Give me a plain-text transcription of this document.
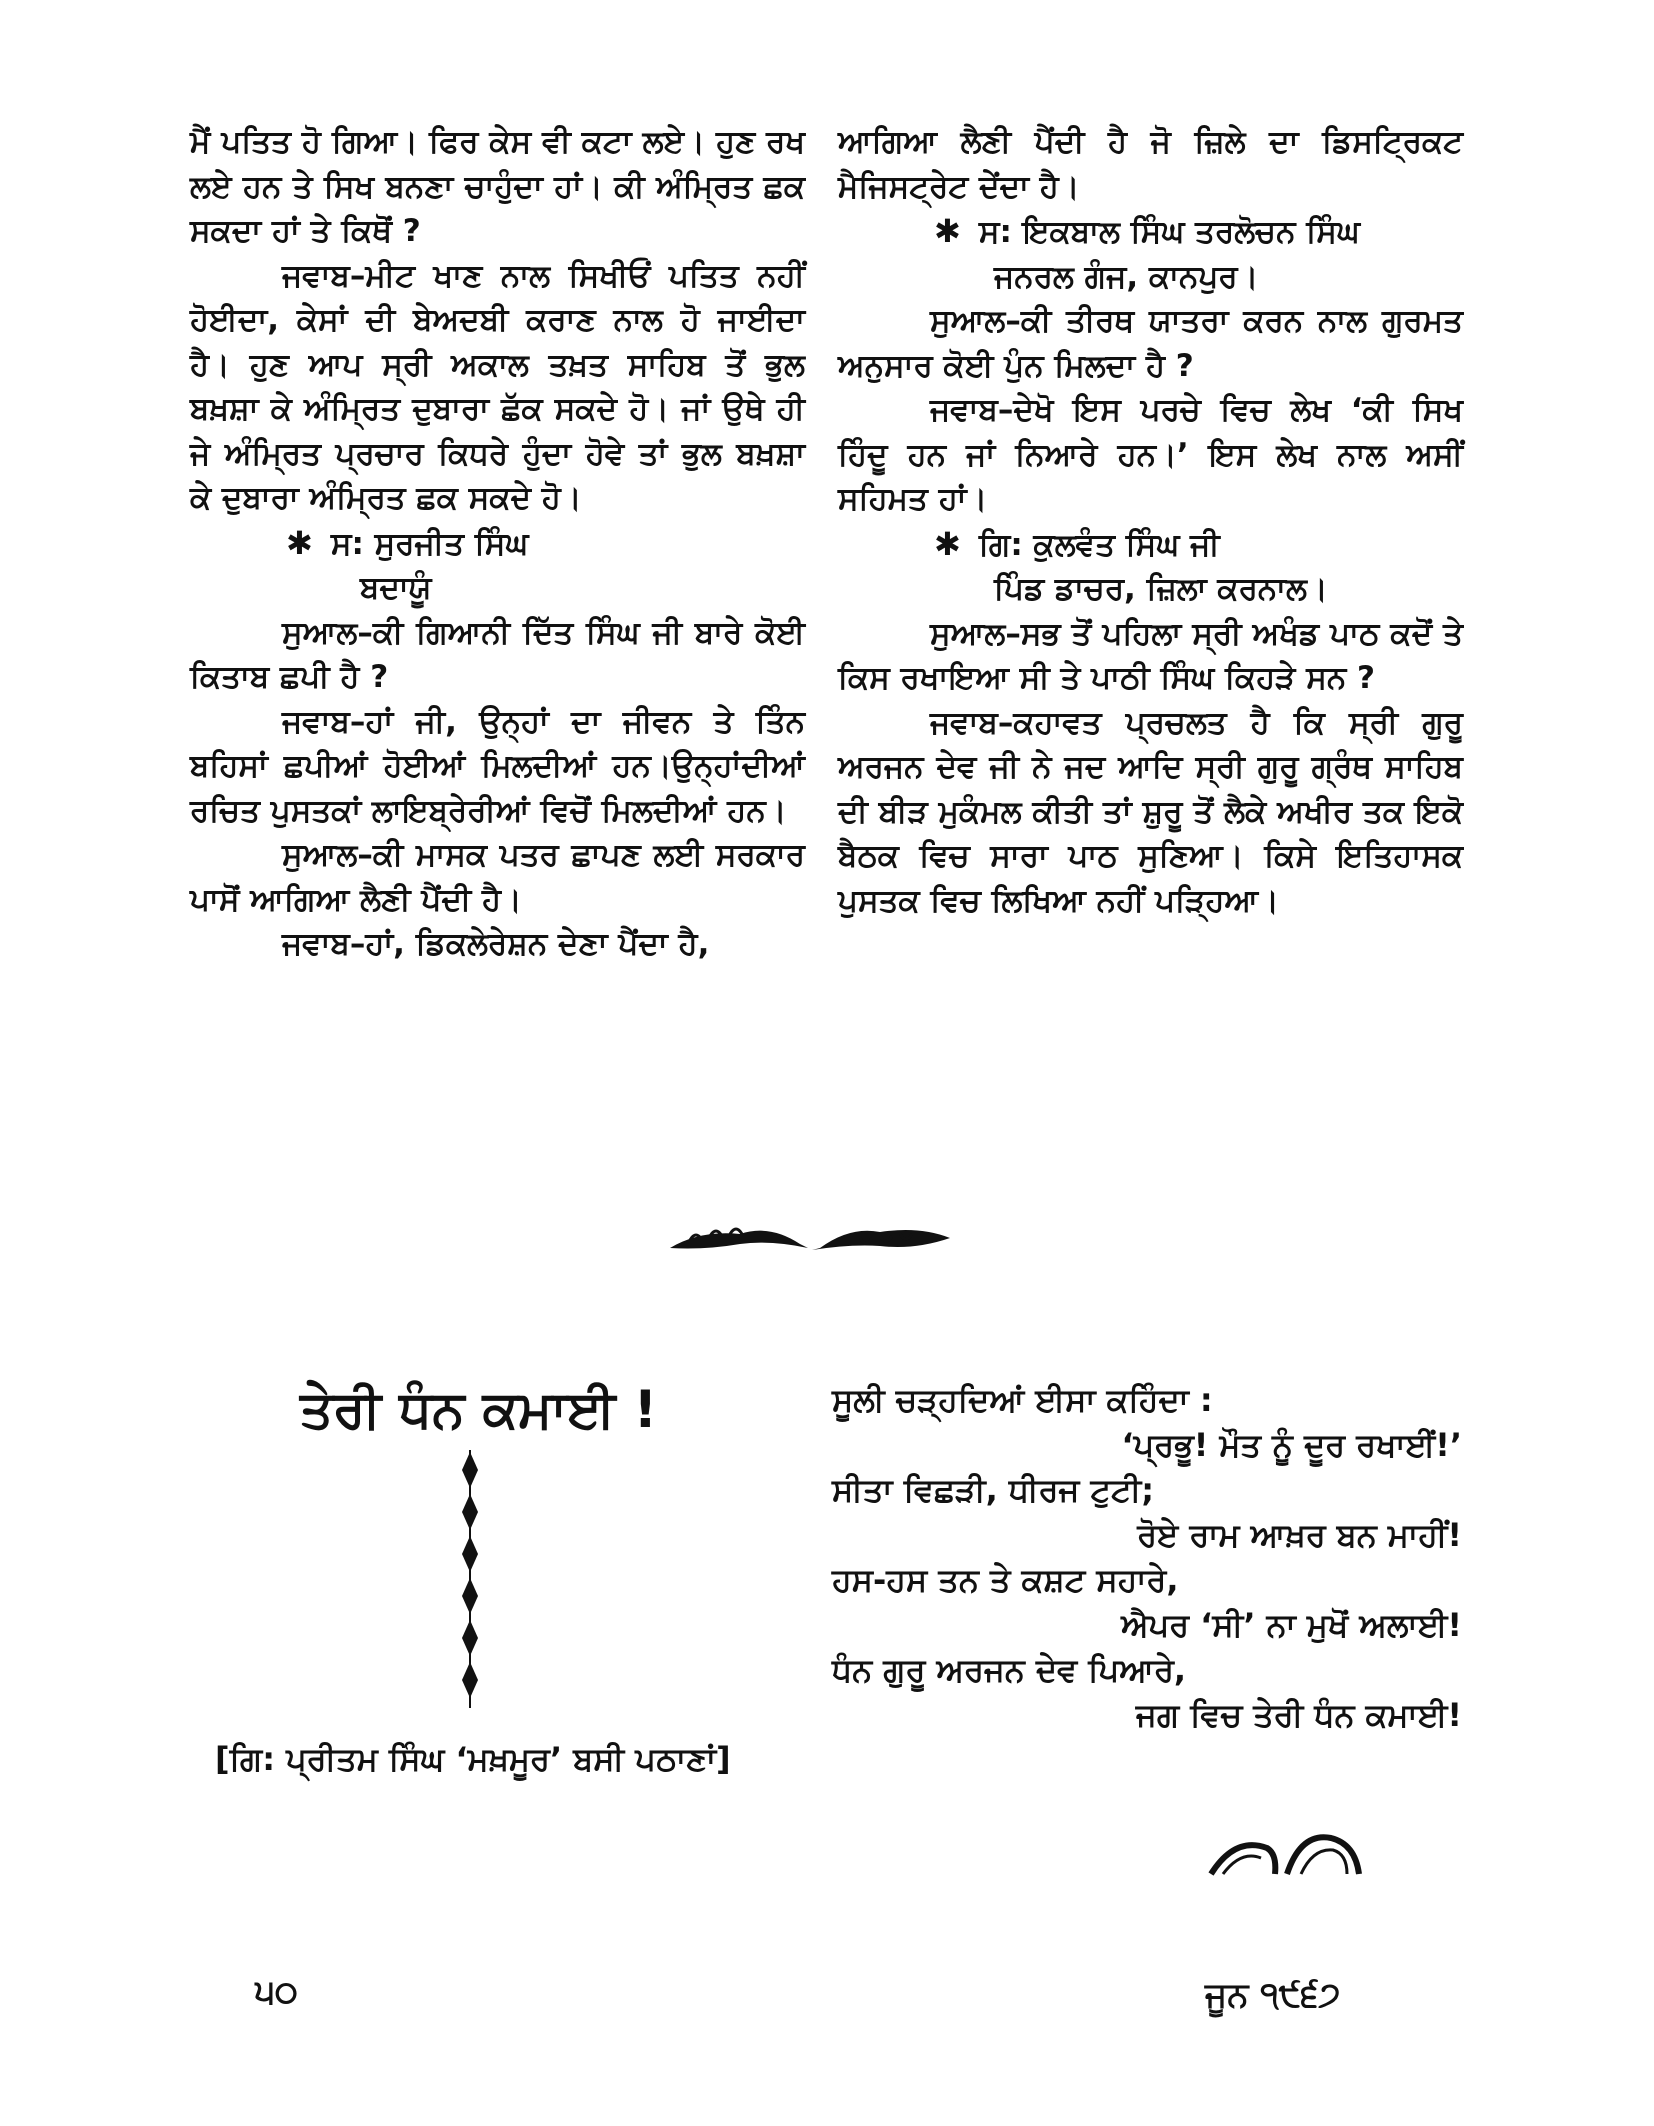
ਮੈਂ ਪਤਿਤ ਹੋ ਗਿਆ। ਫਿਰ ਕੇਸ ਵੀ ਕਟਾ ਲਏ। ਹੁਣ ਰਖ ਲਏ ਹਨ ਤੇ ਸਿਖ ਬਨਣਾ ਚਾਹੁੰਦਾ ਹਾਂ। ਕੀ ਅੰਮ੍ਰਿਤ ਛਕ ਸਕਦਾ ਹਾਂ ਤੇ ਕਿਥੋਂ ?

ਜਵਾਬ–ਮੀਟ ਖਾਣ ਨਾਲ ਸਿਖੀਓਂ ਪਤਿਤ ਨਹੀਂ ਹੋਈਦਾ, ਕੇਸਾਂ ਦੀ ਬੇਅਦਬੀ ਕਰਾਣ ਨਾਲ ਹੋ ਜਾਈਦਾ ਹੈ। ਹੁਣ ਆਪ ਸ੍ਰੀ ਅਕਾਲ ਤਖ਼ਤ ਸਾਹਿਬ ਤੋਂ ਭੁਲ ਬਖ਼ਸ਼ਾ ਕੇ ਅੰਮ੍ਰਿਤ ਦੁਬਾਰਾ ਛੱਕ ਸਕਦੇ ਹੋ। ਜਾਂ ਉਥੇ ਹੀ ਜੇ ਅੰਮ੍ਰਿਤ ਪ੍ਰਚਾਰ ਕਿਧਰੇ ਹੁੰਦਾ ਹੋਵੇ ਤਾਂ ਭੁਲ ਬਖ਼ਸ਼ਾ ਕੇ ਦੁਬਾਰਾ ਅੰਮ੍ਰਿਤ ਛਕ ਸਕਦੇ ਹੋ।

✱ ਸ: ਸੁਰਜੀਤ ਸਿੰਘ
ਬਦਾਯੂੰ

ਸੁਆਲ–ਕੀ ਗਿਆਨੀ ਦਿੱਤ ਸਿੰਘ ਜੀ ਬਾਰੇ ਕੋਈ ਕਿਤਾਬ ਛਪੀ ਹੈ ?

ਜਵਾਬ–ਹਾਂ ਜੀ, ਉਨ੍ਹਾਂ ਦਾ ਜੀਵਨ ਤੇ ਤਿੰਨ ਬਹਿਸਾਂ ਛਪੀਆਂ ਹੋਈਆਂ ਮਿਲਦੀਆਂ ਹਨ।ਉਨ੍ਹਾਂਦੀਆਂ ਰਚਿਤ ਪੁਸਤਕਾਂ ਲਾਇਬ੍ਰੇਰੀਆਂ ਵਿਚੋਂ ਮਿਲਦੀਆਂ ਹਨ।

ਸੁਆਲ–ਕੀ ਮਾਸਕ ਪਤਰ ਛਾਪਣ ਲਈ ਸਰਕਾਰ ਪਾਸੋਂ ਆਗਿਆ ਲੈਣੀ ਪੈਂਦੀ ਹੈ।

ਜਵਾਬ–ਹਾਂ, ਡਿਕਲੇਰੇਸ਼ਨ ਦੇਣਾ ਪੈਂਦਾ ਹੈ,

ਆਗਿਆ ਲੈਣੀ ਪੈਂਦੀ ਹੈ ਜੋ ਜ਼ਿਲੇ ਦਾ ਡਿਸਟ੍ਰਿਕਟ ਮੈਜਿਸਟ੍ਰੇਟ ਦੇਂਦਾ ਹੈ।

✱ ਸ: ਇਕਬਾਲ ਸਿੰਘ ਤਰਲੋਚਨ ਸਿੰਘ
ਜਨਰਲ ਗੰਜ, ਕਾਨਪੁਰ।

ਸੁਆਲ–ਕੀ ਤੀਰਥ ਯਾਤਰਾ ਕਰਨ ਨਾਲ ਗੁਰਮਤ ਅਨੁਸਾਰ ਕੋਈ ਪੁੰਨ ਮਿਲਦਾ ਹੈ ?

ਜਵਾਬ–ਦੇਖੋ ਇਸ ਪਰਚੇ ਵਿਚ ਲੇਖ ‘ਕੀ ਸਿਖ ਹਿੰਦੂ ਹਨ ਜਾਂ ਨਿਆਰੇ ਹਨ।’ ਇਸ ਲੇਖ ਨਾਲ ਅਸੀਂ ਸਹਿਮਤ ਹਾਂ।

✱ ਗਿ: ਕੁਲਵੰਤ ਸਿੰਘ ਜੀ
ਪਿੰਡ ਡਾਚਰ, ਜ਼ਿਲਾ ਕਰਨਾਲ।

ਸੁਆਲ–ਸਭ ਤੋਂ ਪਹਿਲਾ ਸ੍ਰੀ ਅਖੰਡ ਪਾਠ ਕਦੋਂ ਤੇ ਕਿਸ ਰਖਾਇਆ ਸੀ ਤੇ ਪਾਠੀ ਸਿੰਘ ਕਿਹੜੇ ਸਨ ?

ਜਵਾਬ–ਕਹਾਵਤ ਪ੍ਰਚਲਤ ਹੈ ਕਿ ਸ੍ਰੀ ਗੁਰੂ ਅਰਜਨ ਦੇਵ ਜੀ ਨੇ ਜਦ ਆਦਿ ਸ੍ਰੀ ਗੁਰੂ ਗ੍ਰੰਥ ਸਾਹਿਬ ਦੀ ਬੀੜ ਮੁਕੰਮਲ ਕੀਤੀ ਤਾਂ ਸ਼ੁਰੂ ਤੋਂ ਲੈਕੇ ਅਖੀਰ ਤਕ ਇਕੋ ਬੈਠਕ ਵਿਚ ਸਾਰਾ ਪਾਠ ਸੁਣਿਆ। ਕਿਸੇ ਇਤਿਹਾਸਕ ਪੁਸਤਕ ਵਿਚ ਲਿਖਿਆ ਨਹੀਂ ਪੜ੍ਹਿਆ।

ਤੇਰੀ ਧੰਨ ਕਮਾਈ !
[ਗਿ: ਪ੍ਰੀਤਮ ਸਿੰਘ ‘ਮਖ਼ਮੂਰ’ ਬਸੀ ਪਠਾਣਾਂ]
ਸੂਲੀ ਚੜ੍ਹਦਿਆਂ ਈਸਾ ਕਹਿੰਦਾ :
‘ਪ੍ਰਭੂ! ਮੌਤ ਨੂੰ ਦੂਰ ਰਖਾਈਂ!’
ਸੀਤਾ ਵਿਛੜੀ, ਧੀਰਜ ਟੁਟੀ;
ਰੋਏ ਰਾਮ ਆਖ਼ਰ ਬਨ ਮਾਹੀਂ!
ਹਸ-ਹਸ ਤਨ ਤੇ ਕਸ਼ਟ ਸਹਾਰੇ,
ਐਪਰ ‘ਸੀ’ ਨਾ ਮੁਖੋਂ ਅਲਾਈ!
ਧੰਨ ਗੁਰੂ ਅਰਜਨ ਦੇਵ ਪਿਆਰੇ,
ਜਗ ਵਿਚ ਤੇਰੀ ਧੰਨ ਕਮਾਈ!
੫੦	ਜੂਨ ੧੯੬੭
